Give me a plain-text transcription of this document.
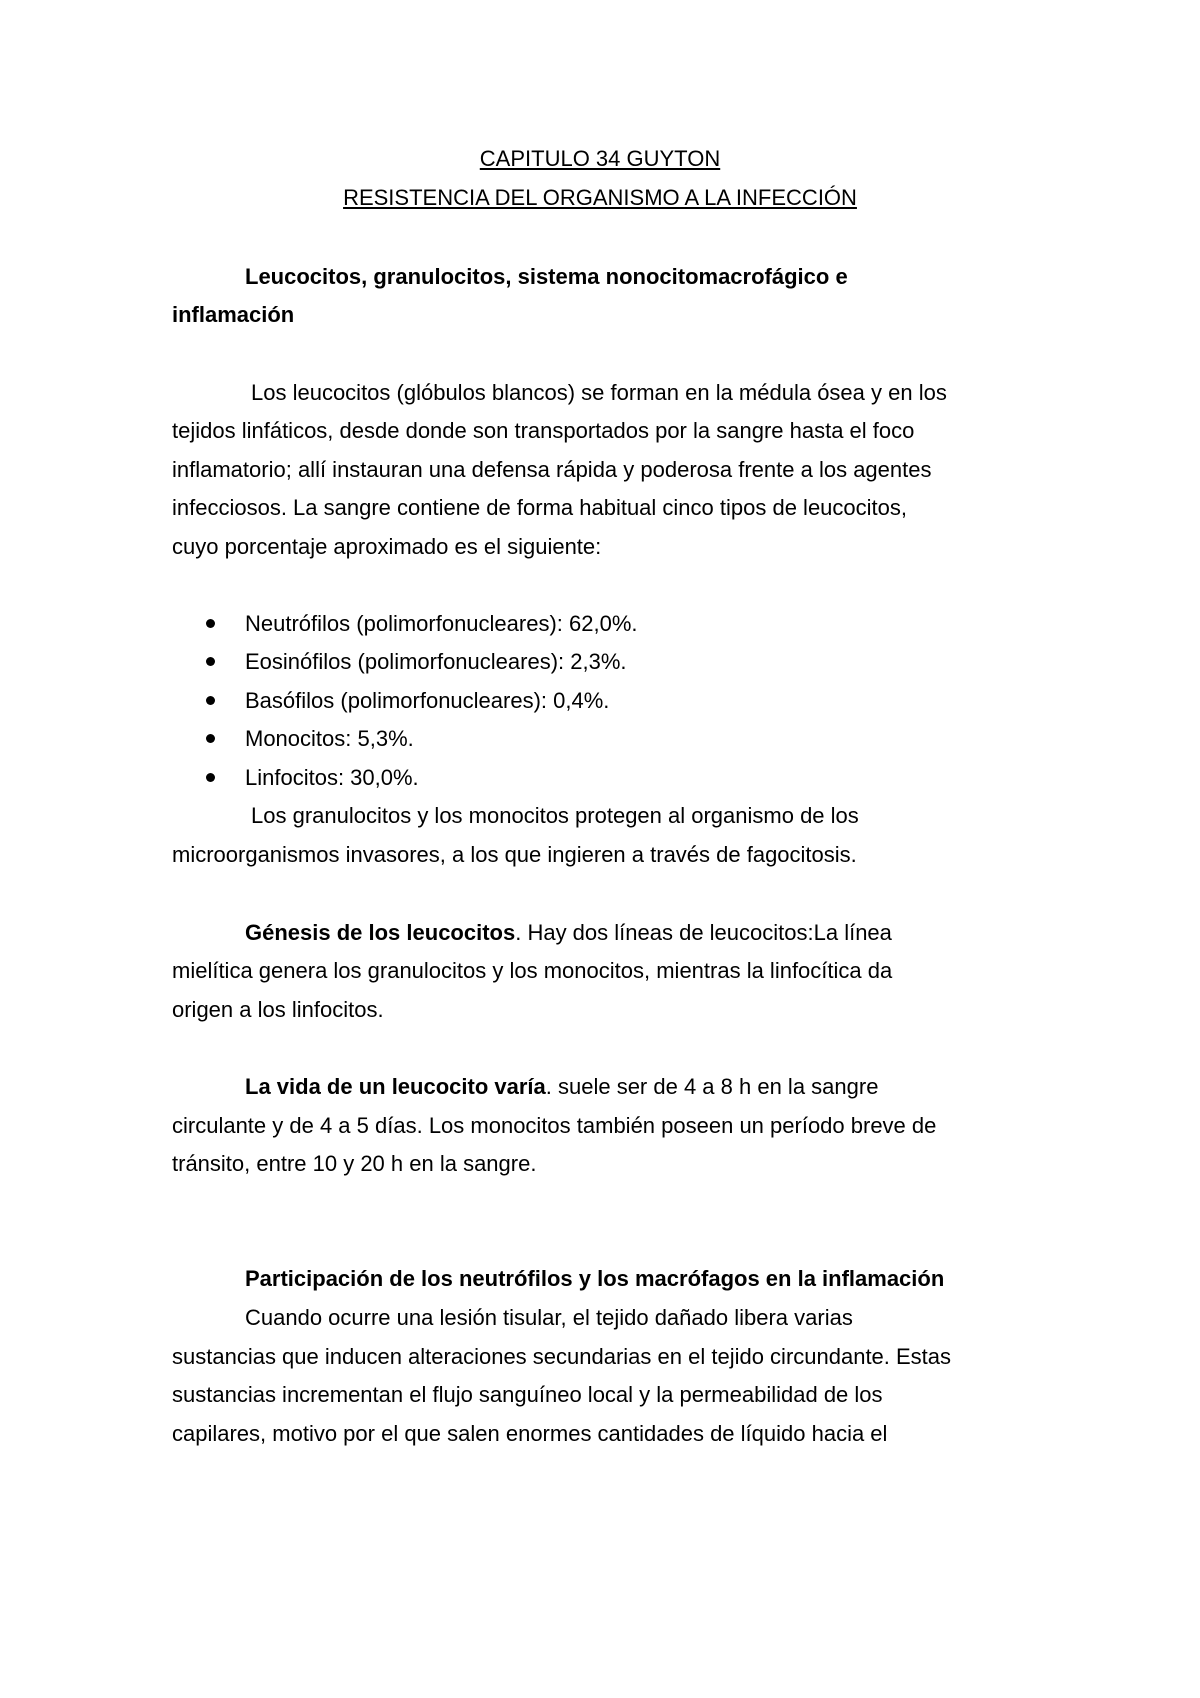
CAPITULO 34 GUYTON
RESISTENCIA DEL ORGANISMO A LA INFECCIÓN
Leucocitos, granulocitos, sistema nonocitomacrofágico e
inflamación
Los leucocitos (glóbulos blancos) se forman en la médula ósea y en los
tejidos linfáticos, desde donde son transportados por la sangre hasta el foco
inflamatorio; allí instauran una defensa rápida y poderosa frente a los agentes
infecciosos. La sangre contiene de forma habitual cinco tipos de leucocitos,
cuyo porcentaje aproximado es el siguiente:
Neutrófilos (polimorfonucleares): 62,0%.
Eosinófilos (polimorfonucleares): 2,3%.
Basófilos (polimorfonucleares): 0,4%.
Monocitos: 5,3%.
Linfocitos: 30,0%.
Los granulocitos y los monocitos protegen al organismo de los
microorganismos invasores, a los que ingieren a través de fagocitosis.
Génesis de los leucocitos. Hay dos líneas de leucocitos:La línea
mielítica genera los granulocitos y los monocitos, mientras la linfocítica da
origen a los linfocitos.
La vida de un leucocito varía. suele ser de 4 a 8 h en la sangre
circulante y de 4 a 5 días. Los monocitos también poseen un período breve de
tránsito, entre 10 y 20 h en la sangre.
Participación de los neutrófilos y los macrófagos en la inflamación
Cuando ocurre una lesión tisular, el tejido dañado libera varias
sustancias que inducen alteraciones secundarias en el tejido circundante. Estas
sustancias incrementan el flujo sanguíneo local y la permeabilidad de los
capilares, motivo por el que salen enormes cantidades de líquido hacia el
